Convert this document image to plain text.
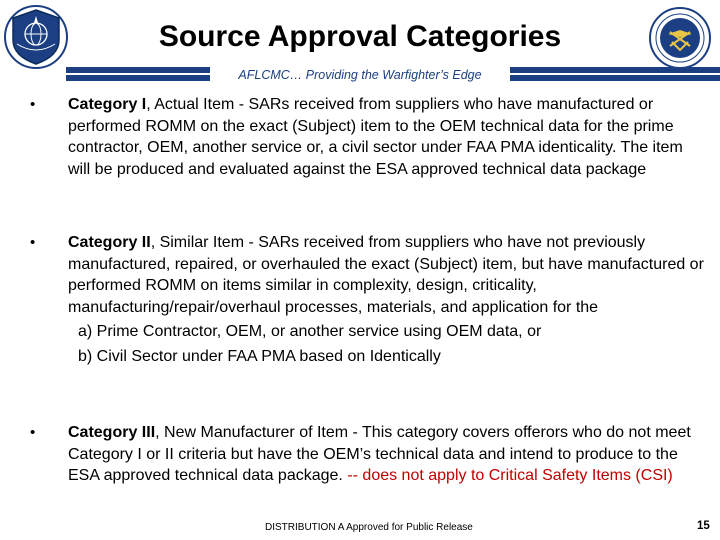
Source Approval Categories
AFLCMC… Providing the Warfighter’s Edge
• Category I, Actual Item - SARs received from suppliers who have manufactured or performed ROMM on the exact (Subject) item to the OEM technical data for the prime contractor, OEM, another service or, a civil sector under FAA PMA identicality. The item will be produced and evaluated against the ESA approved technical data package
• Category II, Similar Item - SARs received from suppliers who have not previously manufactured, repaired, or overhauled the exact (Subject) item, but have manufactured or performed ROMM on items similar in complexity, design, criticality, manufacturing/repair/overhaul processes, materials, and application for the
a) Prime Contractor, OEM, or another service using OEM data, or
b) Civil Sector under FAA PMA based on Identically
• Category III, New Manufacturer of Item - This category covers offerors who do not meet Category I or II criteria but have the OEM’s technical data and intend to produce to the ESA approved technical data package. -- does not apply to Critical Safety Items (CSI)
DISTRIBUTION A Approved for Public Release	15
